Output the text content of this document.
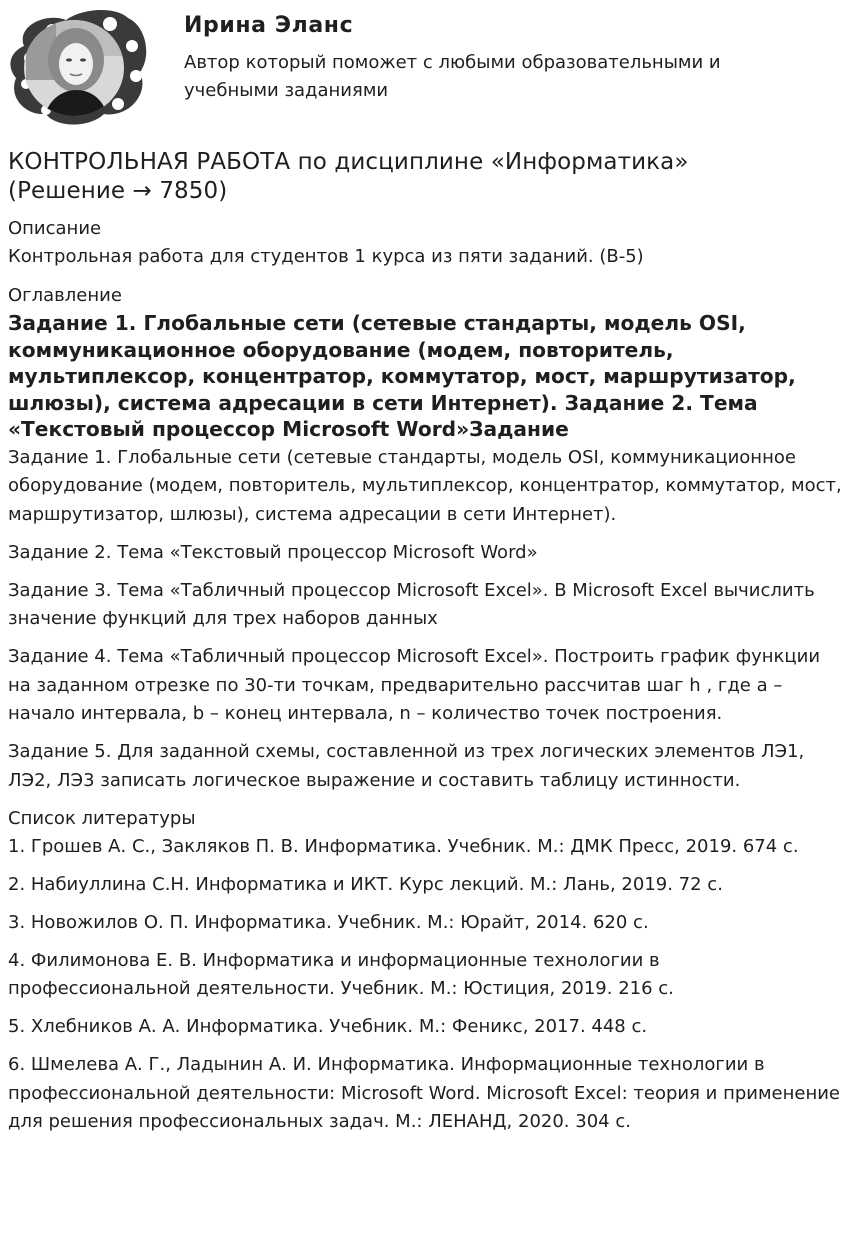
Ирина Эланс
Автор который поможет с любыми образовательными и учебными заданиями
КОНТРОЛЬНАЯ РАБОТА по дисциплине «Информатика»
(Решение → 7850)

Описание

Контрольная работа для студентов 1 курса из пяти заданий. (В-5)

Оглавление

Задание 1. Глобальные сети (сетевые стандарты, модель OSI, коммуникационное оборудование (модем, повторитель, мультиплексор, концентратор, коммутатор, мост, маршрутизатор, шлюзы), система адресации в сети Интернет). Задание 2. Тема «Текстовый процессор Microsoft Word»Задание

Задание 1. Глобальные сети (сетевые стандарты, модель OSI, коммуникационное оборудование (модем, повторитель, мультиплексор, концентратор, коммутатор, мост, маршрутизатор, шлюзы), система адресации в сети Интернет).

Задание 2. Тема «Текстовый процессор Microsoft Word»

Задание 3. Тема «Табличный процессор Microsoft Excel». В Microsoft Excel вычислить значение функций для трех наборов данных

Задание 4. Тема «Табличный процессор Microsoft Excel». Построить график функции на заданном отрезке по 30-ти точкам, предварительно рассчитав шаг h , где a – начало интервала, b – конец интервала, n – количество точек построения.

Задание 5. Для заданной схемы, составленной из трех логических элементов ЛЭ1, ЛЭ2, ЛЭ3 записать логическое выражение и составить таблицу истинности.

Список литературы

1. Грошев А. С., Закляков П. В. Информатика. Учебник. М.: ДМК Пресс, 2019. 674 с.

2. Набиуллина С.Н. Информатика и ИКТ. Курс лекций. М.: Лань, 2019. 72 с.

3. Новожилов О. П. Информатика. Учебник. М.: Юрайт, 2014. 620 с.

4. Филимонова Е. В. Информатика и информационные технологии в профессиональной деятельности. Учебник. М.: Юстиция, 2019. 216 с.

5. Хлебников А. А. Информатика. Учебник. М.: Феникс, 2017. 448 с.

6. Шмелева А. Г., Ладынин А. И. Информатика. Информационные технологии в профессиональной деятельности: Microsoft Word. Microsoft Excel: теория и применение для решения профессиональных задач. М.: ЛЕНАНД, 2020. 304 с.
